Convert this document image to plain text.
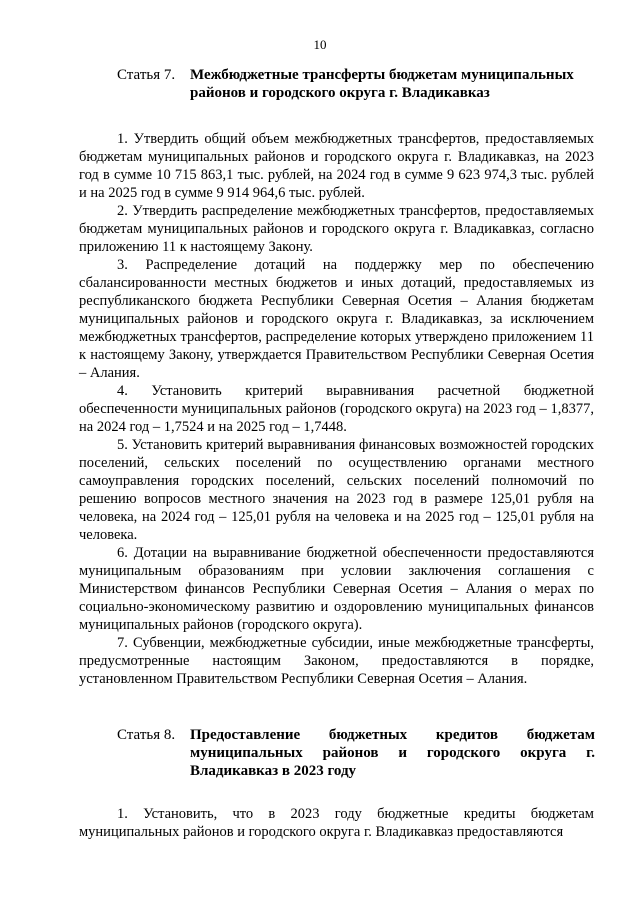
10
Статья 7. Межбюджетные трансферты бюджетам муниципальных районов и городского округа г. Владикавказ

1. Утвердить общий объем межбюджетных трансфертов, предоставляемых бюджетам муниципальных районов и городского округа г. Владикавказ, на 2023 год в сумме 10 715 863,1 тыс. рублей, на 2024 год в сумме 9 623 974,3 тыс. рублей и на 2025 год в сумме 9 914 964,6 тыс. рублей.

2. Утвердить распределение межбюджетных трансфертов, предоставляемых бюджетам муниципальных районов и городского округа г. Владикавказ, согласно приложению 11 к настоящему Закону.

3. Распределение дотаций на поддержку мер по обеспечению сбалансированности местных бюджетов и иных дотаций, предоставляемых из республиканского бюджета Республики Северная Осетия – Алания бюджетам муниципальных районов и городского округа г. Владикавказ, за исключением межбюджетных трансфертов, распределение которых утверждено приложением 11 к настоящему Закону, утверждается Правительством Республики Северная Осетия – Алания.

4. Установить критерий выравнивания расчетной бюджетной обеспеченности муниципальных районов (городского округа) на 2023 год – 1,8377, на 2024 год – 1,7524 и на 2025 год – 1,7448.

5. Установить критерий выравнивания финансовых возможностей городских поселений, сельских поселений по осуществлению органами местного самоуправления городских поселений, сельских поселений полномочий по решению вопросов местного значения на 2023 год в размере 125,01 рубля на человека, на 2024 год – 125,01 рубля на человека и на 2025 год – 125,01 рубля на человека.

6. Дотации на выравнивание бюджетной обеспеченности предоставляются муниципальным образованиям при условии заключения соглашения с Министерством финансов Республики Северная Осетия – Алания о мерах по социально-экономическому развитию и оздоровлению муниципальных финансов муниципальных районов (городского округа).

7. Субвенции, межбюджетные субсидии, иные межбюджетные трансферты, предусмотренные настоящим Законом, предоставляются в порядке, установленном Правительством Республики Северная Осетия – Алания.

Статья 8. Предоставление бюджетных кредитов бюджетам муниципальных районов и городского округа г. Владикавказ в 2023 году

1. Установить, что в 2023 году бюджетные кредиты бюджетам муниципальных районов и городского округа г. Владикавказ предоставляются
